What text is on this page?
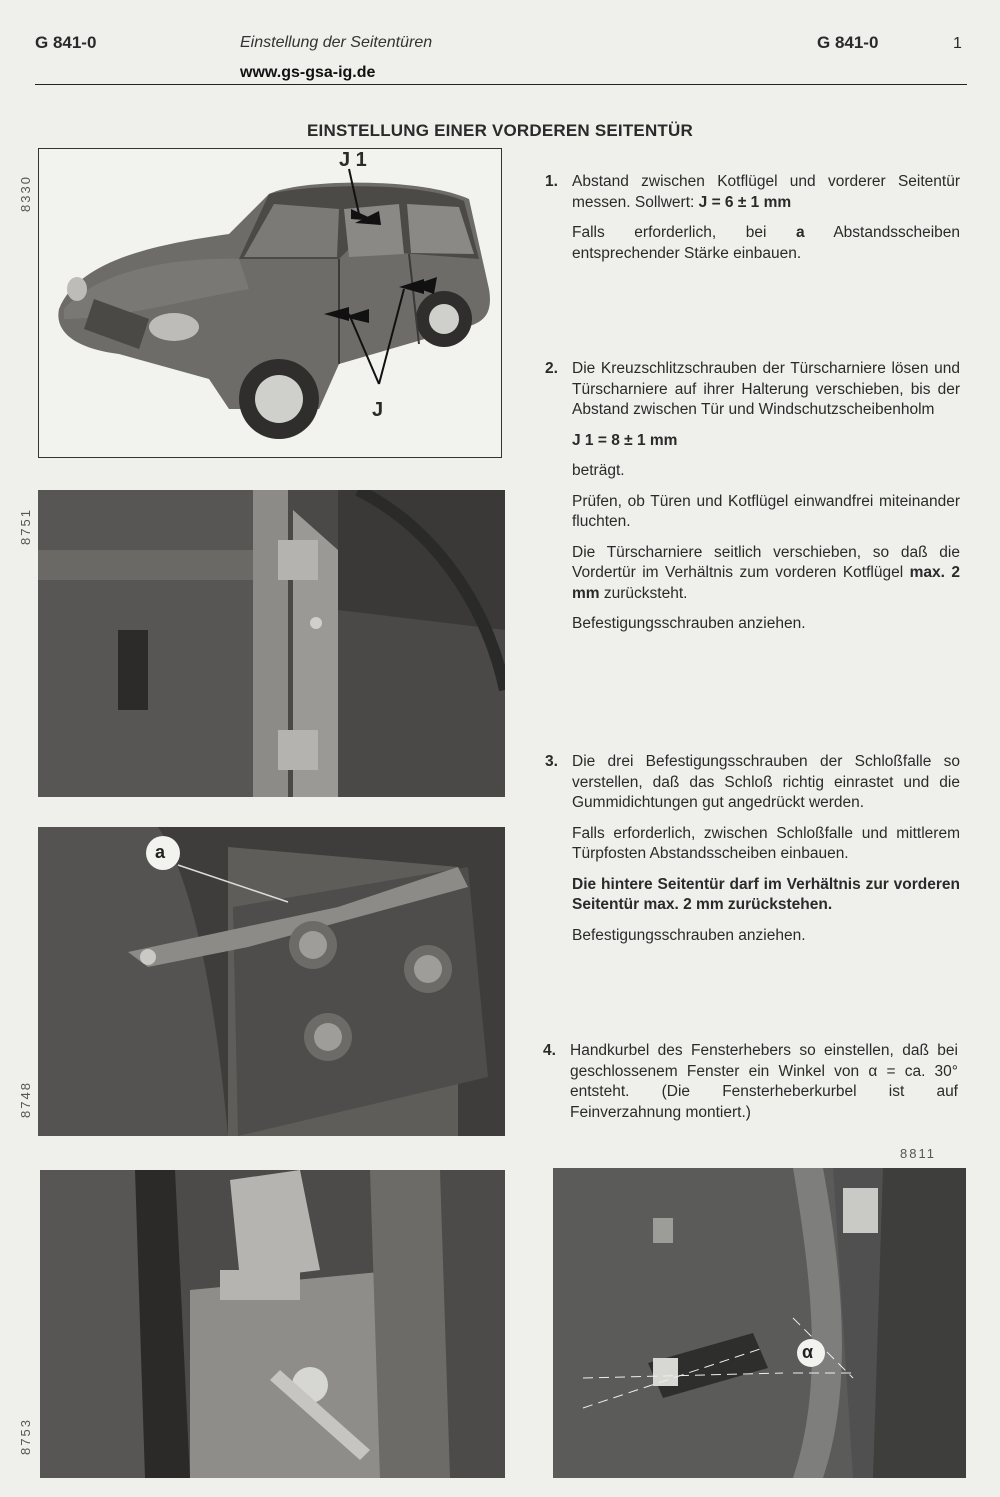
G 841-0	Einstellung der Seitentüren
www.gs-gsa-ig.de
G 841-0	1
EINSTELLUNG EINER VORDEREN SEITENTÜR
8330
J 1
J
8751
8748
a
8753
8811
α
1. Abstand zwischen Kotflügel und vorderer Seitentür messen. Sollwert: J = 6 ± 1 mm

Falls erforderlich, bei a Abstandsscheiben entsprechender Stärke einbauen.

2. Die Kreuzschlitzschrauben der Türscharniere lösen und Türscharniere auf ihrer Halterung verschieben, bis der Abstand zwischen Tür und Windschutzscheibenholm

J 1 = 8 ± 1 mm

beträgt.

Prüfen, ob Türen und Kotflügel einwandfrei miteinander fluchten.

Die Türscharniere seitlich verschieben, so daß die Vordertür im Verhältnis zum vorderen Kotflügel max. 2 mm zurücksteht.

Befestigungsschrauben anziehen.

3. Die drei Befestigungsschrauben der Schloßfalle so verstellen, daß das Schloß richtig einrastet und die Gummidichtungen gut angedrückt werden.

Falls erforderlich, zwischen Schloßfalle und mittlerem Türpfosten Abstandsscheiben einbauen.

Die hintere Seitentür darf im Verhältnis zur vorderen Seitentür max. 2 mm zurückstehen.

Befestigungsschrauben anziehen.

4. Handkurbel des Fensterhebers so einstellen, daß bei geschlossenem Fenster ein Winkel von α = ca. 30° entsteht. (Die Fensterheberkurbel ist auf Feinverzahnung montiert.)
